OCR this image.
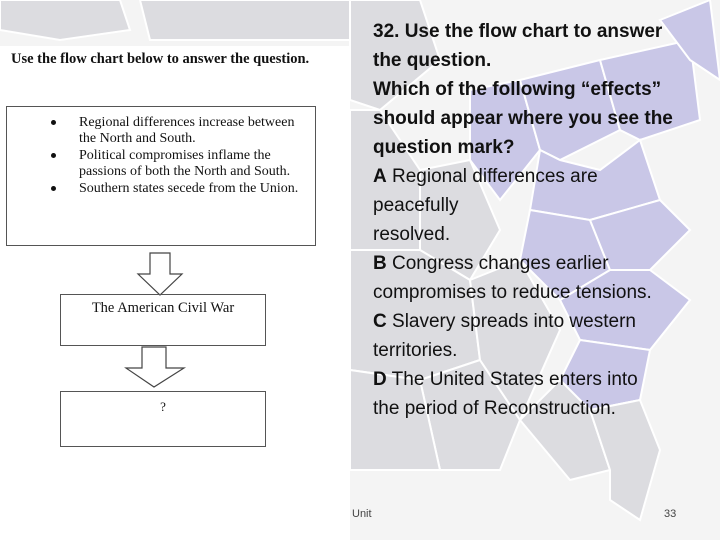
Use the flow chart below to answer the question.
Regional differences increase between the North and South.
Political compromises inflame the passions of both the North and South.
Southern states secede from the Union.
The American Civil War
?
32. Use the flow chart to answer
the question.
Which of the following “effects”
should appear where you see the
question mark?
A Regional differences are
peacefully
resolved.
B Congress changes earlier
compromises to reduce tensions.
C Slavery spreads into western
territories.
D The United States enters into
the period of Reconstruction.
Unit	33
